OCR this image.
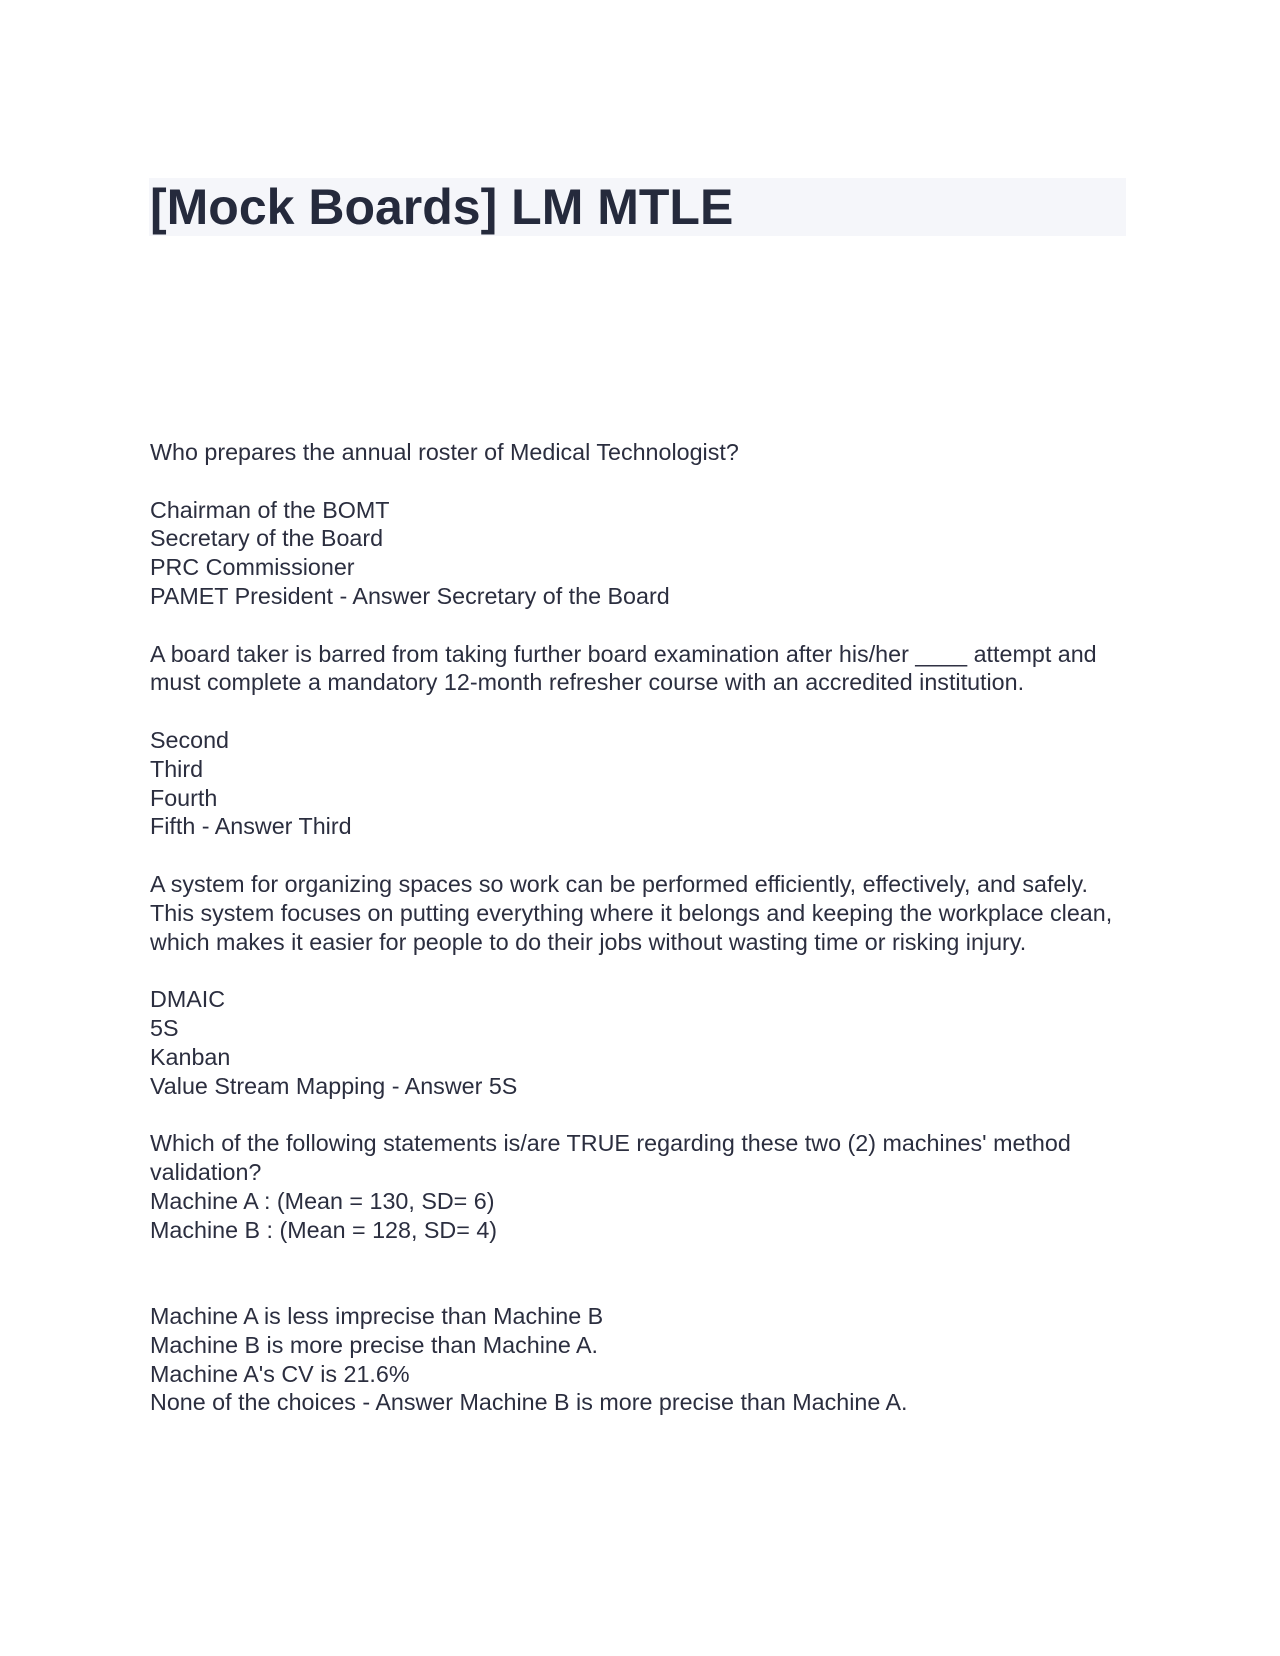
[Mock Boards] LM MTLE

Who prepares the annual roster of Medical Technologist?

Chairman of the BOMT
Secretary of the Board
PRC Commissioner
PAMET President - Answer Secretary of the Board

A board taker is barred from taking further board examination after his/her ____ attempt and must complete a mandatory 12-month refresher course with an accredited institution.

Second
Third
Fourth
Fifth - Answer Third

A system for organizing spaces so work can be performed efficiently, effectively, and safely. This system focuses on putting everything where it belongs and keeping the workplace clean, which makes it easier for people to do their jobs without wasting time or risking injury.

DMAIC
5S
Kanban
Value Stream Mapping - Answer 5S

Which of the following statements is/are TRUE regarding these two (2) machines' method validation?

Machine A : (Mean = 130, SD= 6)

Machine B : (Mean = 128, SD= 4)

Machine A is less imprecise than Machine B
Machine B is more precise than Machine A.
Machine A's CV is 21.6%
None of the choices - Answer Machine B is more precise than Machine A.
